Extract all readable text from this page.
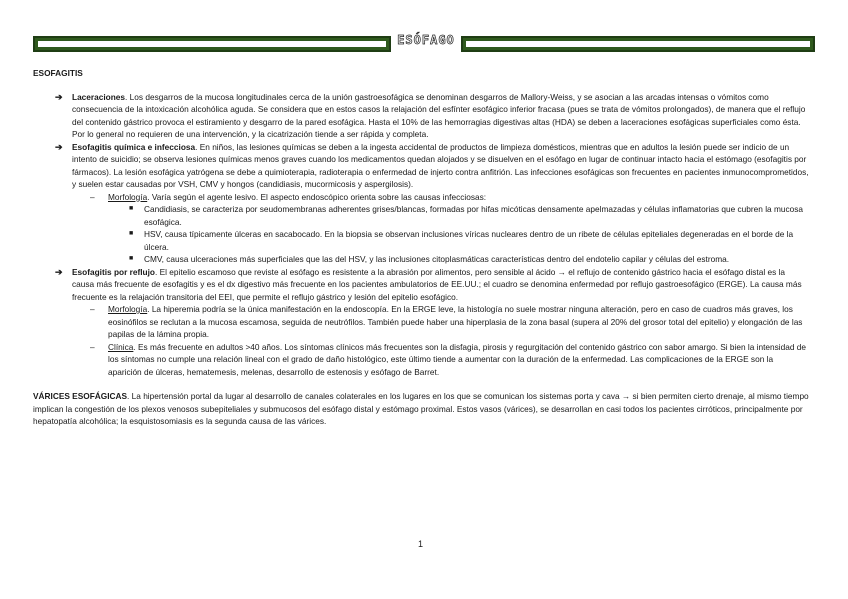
ESÓFAGO

ESOFAGITIS

➔ Laceraciones. Los desgarros de la mucosa longitudinales cerca de la unión gastroesofágica se denominan desgarros de Mallory-Weiss, y se asocian a las arcadas intensas o vómitos como consecuencia de la intoxicación alcohólica aguda. Se considera que en estos casos la relajación del esfínter esofágico inferior fracasa (pues se trata de vómitos prolongados), de manera que el reflujo del contenido gástrico provoca el estiramiento y desgarro de la pared esofágica. Hasta el 10% de las hemorragias digestivas altas (HDA) se deben a laceraciones esofágicas superficiales como ésta. Por lo general no requieren de una intervención, y la cicatrización tiende a ser rápida y completa.

➔ Esofagitis química e infecciosa. En niños, las lesiones químicas se deben a la ingesta accidental de productos de limpieza domésticos, mientras que en adultos la lesión puede ser indicio de un intento de suicidio; se observa lesiones químicas menos graves cuando los medicamentos quedan alojados y se disuelven en el esófago en lugar de continuar intacto hacia el estómago (esofagitis por fármacos). La lesión esofágica yatrógena se debe a quimioterapia, radioterapia o enfermedad de injerto contra anfitrión. Las infecciones esofágicas son frecuentes en pacientes inmunocomprometidos, y suelen estar causadas por VSH, CMV y hongos (candidiasis, mucormicosis y aspergilosis).

– Morfología. Varía según el agente lesivo. El aspecto endoscópico orienta sobre las causas infecciosas:

■ Candidiasis, se caracteriza por seudomembranas adherentes grises/blancas, formadas por hifas micóticas densamente apelmazadas y células inflamatorias que cubren la mucosa esofágica.

■ HSV, causa típicamente úlceras en sacabocado. En la biopsia se observan inclusiones víricas nucleares dentro de un ribete de células epiteliales degeneradas en el borde de la úlcera.

■ CMV, causa ulceraciones más superficiales que las del HSV, y las inclusiones citoplasmáticas características dentro del endotelio capilar y células del estroma.

➔ Esofagitis por reflujo. El epitelio escamoso que reviste al esófago es resistente a la abrasión por alimentos, pero sensible al ácido → el reflujo de contenido gástrico hacia el esófago distal es la causa más frecuente de esofagitis y es el dx digestivo más frecuente en los pacientes ambulatorios de EE.UU.; el cuadro se denomina enfermedad por reflujo gastroesofágico (ERGE). La causa más frecuente es la relajación transitoria del EEI, que permite el reflujo gástrico y lesión del epitelio esofágico.

– Morfología. La hiperemia podría se la única manifestación en la endoscopía. En la ERGE leve, la histología no suele mostrar ninguna alteración, pero en caso de cuadros más graves, los eosinófilos se reclutan a la mucosa escamosa, seguida de neutrófilos. También puede haber una hiperplasia de la zona basal (supera al 20% del grosor total del epitelio) y elongación de las papilas de la lámina propia.

– Clínica. Es más frecuente en adultos >40 años. Los síntomas clínicos más frecuentes son la disfagia, pirosis y regurgitación del contenido gástrico con sabor amargo. Si bien la intensidad de los síntomas no cumple una relación lineal con el grado de daño histológico, este último tiende a aumentar con la duración de la enfermedad. Las complicaciones de la ERGE son la aparición de úlceras, hematemesis, melenas, desarrollo de estenosis y esófago de Barret.

VÁRICES ESOFÁGICAS. La hipertensión portal da lugar al desarrollo de canales colaterales en los lugares en los que se comunican los sistemas porta y cava → si bien permiten cierto drenaje, al mismo tiempo implican la congestión de los plexos venosos subepiteliales y submucosos del esófago distal y estómago proximal. Estos vasos (várices), se desarrollan en casi todos los pacientes cirróticos, principalmente por hepatopatía alcohólica; la esquistosomiasis es la segunda causa de las várices.

1
